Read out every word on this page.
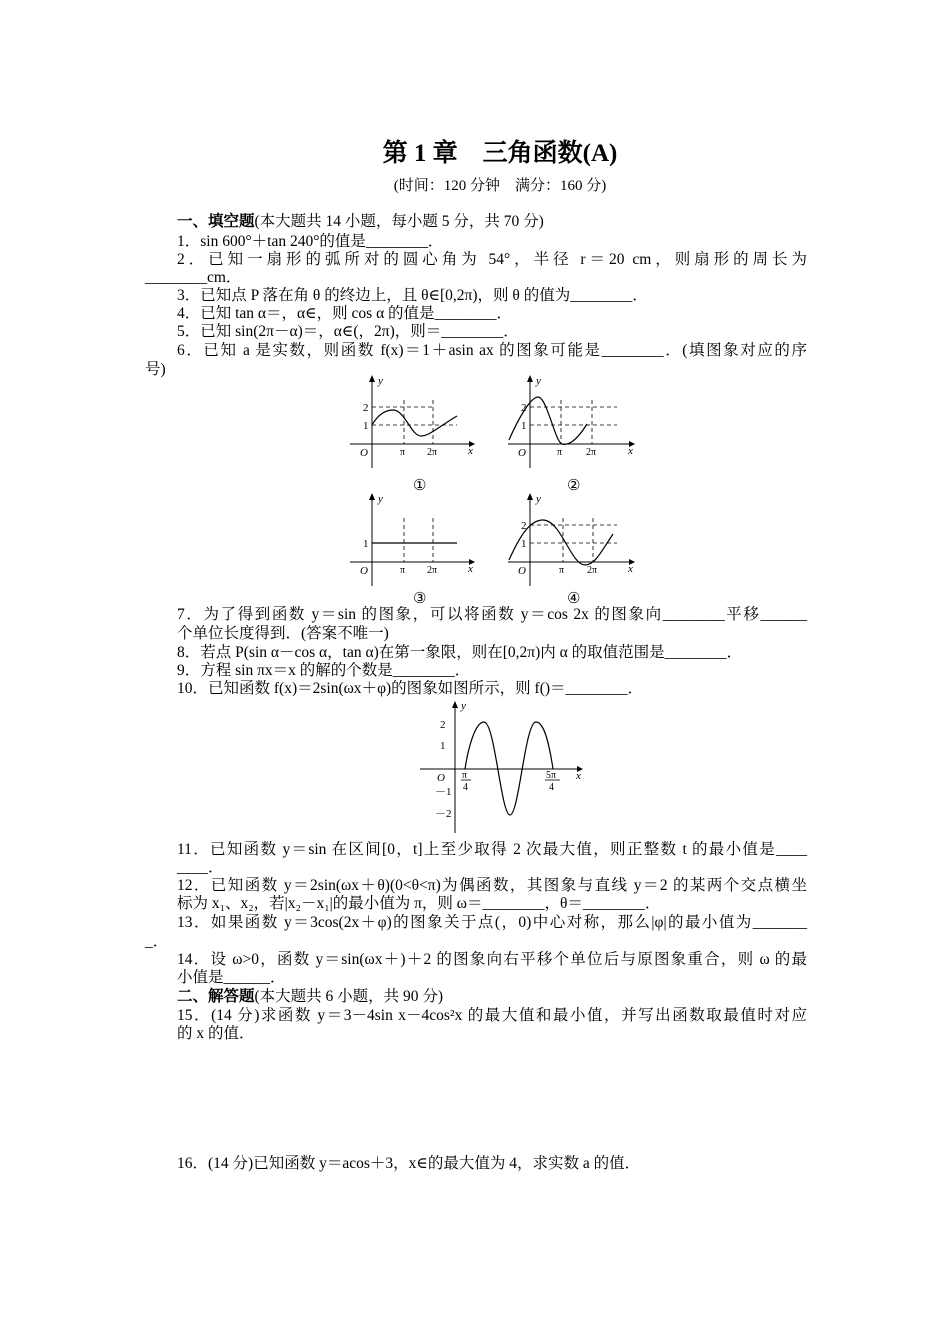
第 1 章　三角函数(A)
(时间：120 分钟　满分：160 分)
一、填空题(本大题共 14 小题，每小题 5 分，共 70 分)
1．sin 600°＋tan 240°的值是________．
2．已知一扇形的弧所对的圆心角为 54°，半径 r＝20 cm，则扇形的周长为
________cm．
3．已知点 P 落在角 θ 的终边上，且 θ∈[0,2π)，则 θ 的值为________．
4．已知 tan α＝，α∈，则 cos α 的值是________．
5．已知 sin(2π－α)＝，α∈(，2π)，则＝________．
6．已知 a 是实数，则函数 f(x)＝1＋asin ax 的图象可能是________．(填图象对应的序
号)
y
x
O
2
1
π 2π
①
y
x
O
2
1
π 2π
②
y
x
O
1
π 2π
③
y
x
O
2
1
π 2π
④
7．为了得到函数 y＝sin 的图象，可以将函数 y＝cos 2x 的图象向________平移______
个单位长度得到．(答案不唯一)
8．若点 P(sin α－cos α，tan α)在第一象限，则在[0,2π)内 α 的取值范围是________．
9．方程 sin πx＝x 的解的个数是________．
10．已知函数 f(x)＝2sin(ωx＋φ)的图象如图所示，则 f()＝________．
y
x
O
2
1
－1
－2
π
4
5π
4
11．已知函数 y＝sin 在区间[0，t]上至少取得 2 次最大值，则正整数 t 的最小值是____
____．
12．已知函数 y＝2sin(ωx＋θ)(0<θ<π)为偶函数，其图象与直线 y＝2 的某两个交点横坐
标为 x₁、x₂，若|x₂－x₁|的最小值为 π，则 ω＝________，θ＝________．
13．如果函数 y＝3cos(2x＋φ)的图象关于点(，0)中心对称，那么|φ|的最小值为_______
_．
14．设 ω>0，函数 y＝sin(ωx＋)＋2 的图象向右平移个单位后与原图象重合，则 ω 的最
小值是______．
二、解答题(本大题共 6 小题，共 90 分)
15．(14 分)求函数 y＝3－4sin x－4cos²x 的最大值和最小值，并写出函数取最值时对应
的 x 的值．
16．(14 分)已知函数 y＝acos＋3，x∈的最大值为 4，求实数 a 的值．
